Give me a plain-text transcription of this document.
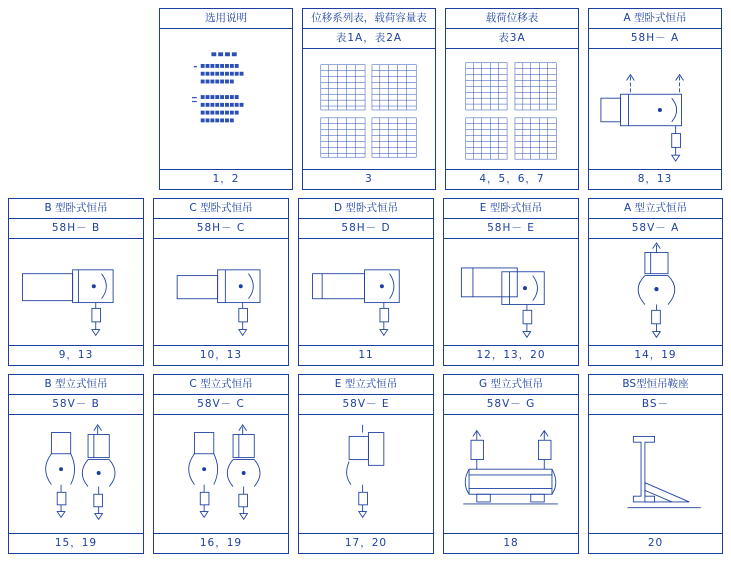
选用说明
1，2
位移系列表，载荷容量表
表1A，表2A
3
载荷位移表
表3A
4，5，6，7
A 型卧式恒吊
58H－ A
8，13
B 型卧式恒吊
58H－ B
9，13
C 型卧式恒吊
58H－ C
10，13
D 型卧式恒吊
58H－ D
11
E 型卧式恒吊
58H－ E
12，13，20
A 型立式恒吊
58V－ A
14，19
B 型立式恒吊
58V－ B
15，19
C 型立式恒吊
58V－ C
16，19
E 型立式恒吊
58V－ E
17，20
G 型立式恒吊
58V－ G
18
BS型恒吊鞍座
BS－
20
